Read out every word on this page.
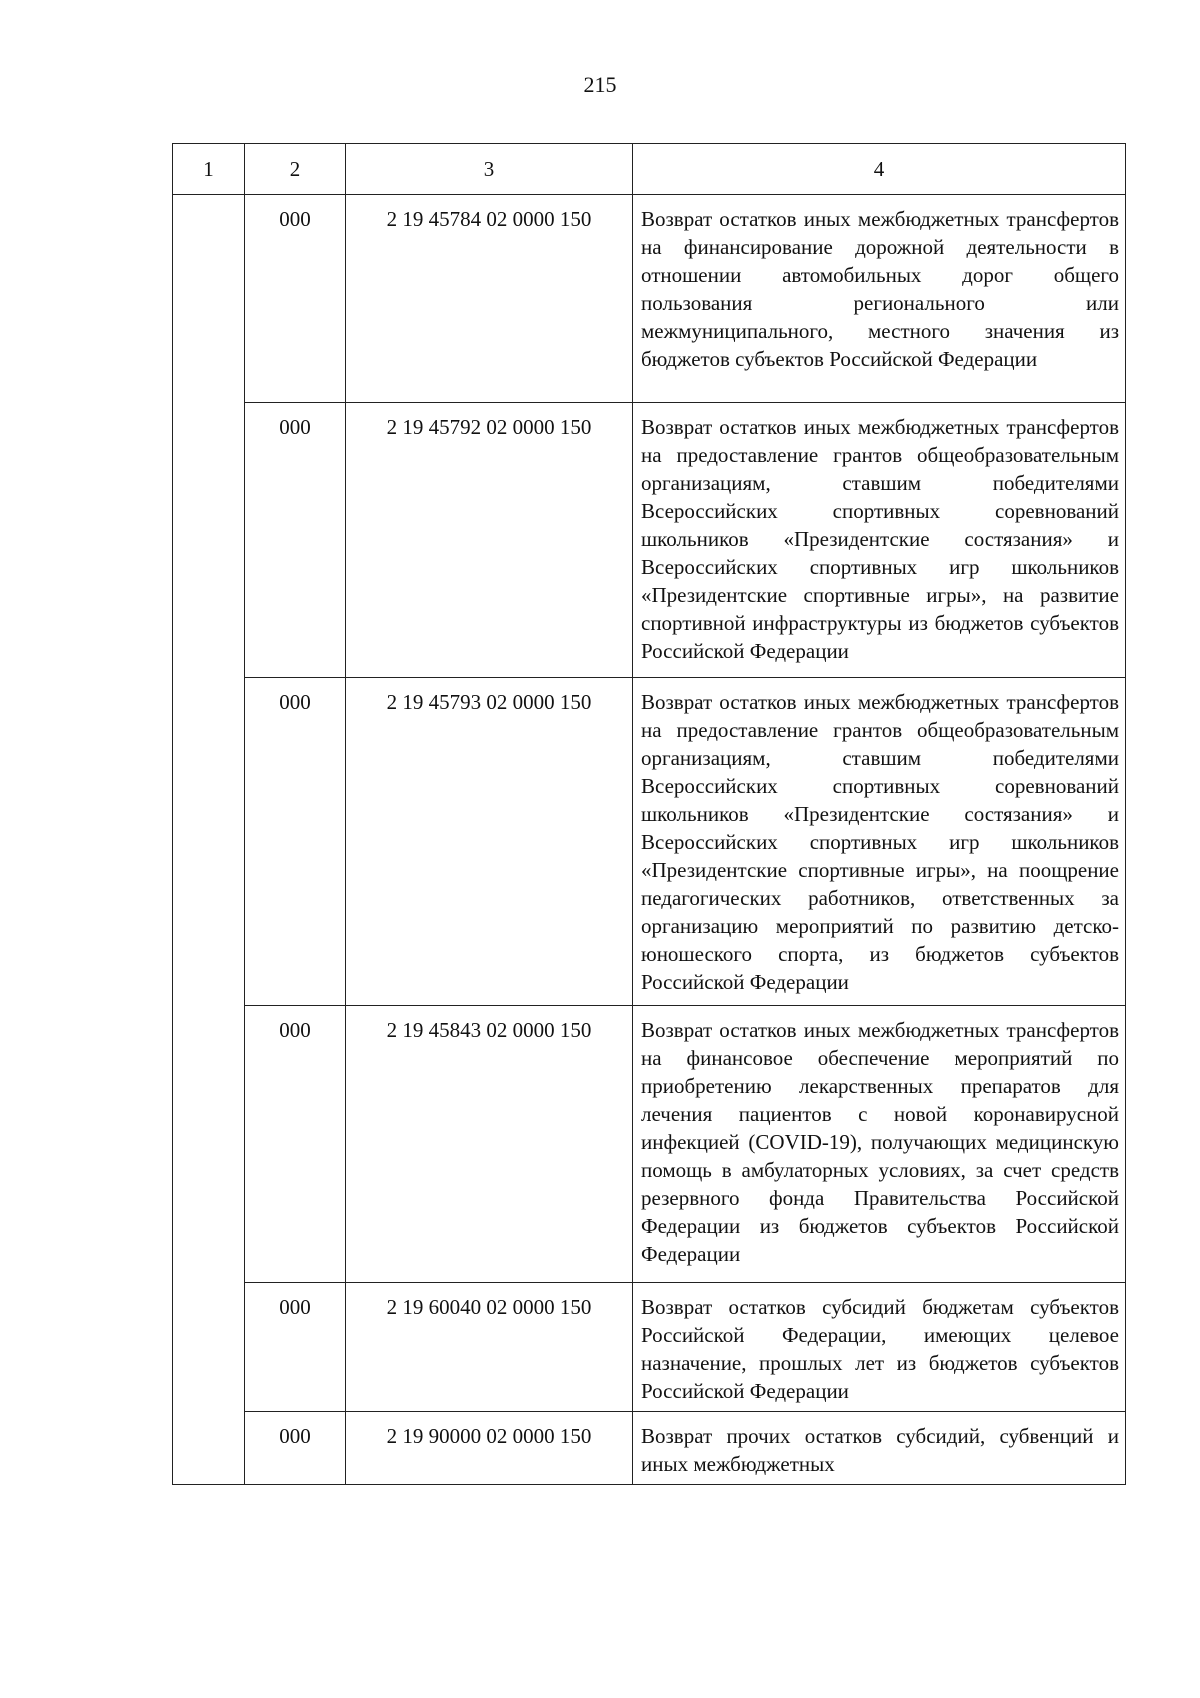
215
1	2	3	4
	000	2 19 45784 02 0000 150	Возврат остатков иных межбюджетных трансфертов на финансирование дорожной деятельности в отношении автомобильных дорог общего пользования регионального или межмуниципального, местного значения из бюджетов субъектов Российской Федерации

	000	2 19 45792 02 0000 150	Возврат остатков иных межбюджетных трансфертов на предоставление грантов общеобразовательным организациям, ставшим победителями Всероссийских спортивных соревнований школьников «Президентские состязания» и Всероссийских спортивных игр школьников «Президентские спортивные игры», на развитие спортивной инфраструктуры из бюджетов субъектов Российской Федерации

	000	2 19 45793 02 0000 150	Возврат остатков иных межбюджетных трансфертов на предоставление грантов общеобразовательным организациям, ставшим победителями Всероссийских спортивных соревнований школьников «Президентские состязания» и Всероссийских спортивных игр школьников «Президентские спортивные игры», на поощрение педагогических работников, ответственных за организацию мероприятий по развитию детско-юношеского спорта, из бюджетов субъектов Российской Федерации

	000	2 19 45843 02 0000 150	Возврат остатков иных межбюджетных трансфертов на финансовое обеспечение мероприятий по приобретению лекарственных препаратов для лечения пациентов с новой коронавирусной инфекцией (COVID-19), получающих медицинскую помощь в амбулаторных условиях, за счет средств резервного фонда Правительства Российской Федерации из бюджетов субъектов Российской Федерации

	000	2 19 60040 02 0000 150	Возврат остатков субсидий бюджетам субъектов Российской Федерации, имеющих целевое назначение, прошлых лет из бюджетов субъектов Российской Федерации

	000	2 19 90000 02 0000 150	Возврат прочих остатков субсидий, субвенций и иных межбюджетных
